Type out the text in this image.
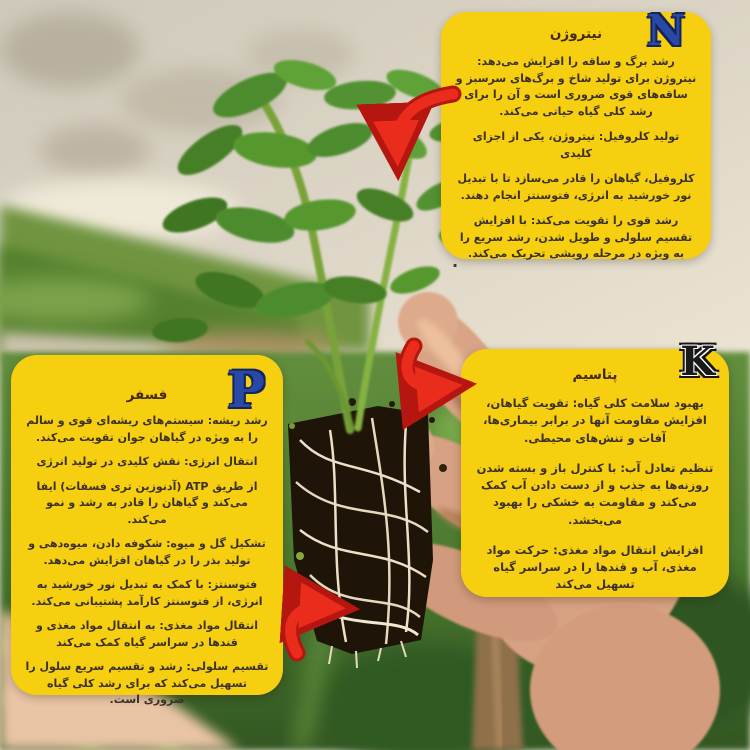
N
نیتروژن

رشد برگ و ساقه را افزایش می‌دهد: نیتروژن برای تولید شاخ و برگ‌های سرسبز و ساقه‌های قوی ضروری است و آن را برای رشد کلی گیاه حیاتی می‌کند.

تولید کلروفیل: نیتروژن، یکی از اجزای کلیدی

کلروفیل، گیاهان را قادر می‌سازد تا با تبدیل نور خورشید به انرژی، فتوسنتز انجام دهند.

رشد قوی را تقویت می‌کند: با افزایش تقسیم سلولی و طویل شدن، رشد سریع را به ویژه در مرحله رویشی تحریک می‌کند.

P
فسفر

رشد ریشه: سیستم‌های ریشه‌ای قوی و سالم را به ویژه در گیاهان جوان تقویت می‌کند.

انتقال انرژی: نقش کلیدی در تولید انرژی

از طریق ATP (آدنوزین تری فسفات) ایفا می‌کند و گیاهان را قادر به رشد و نمو می‌کند.

تشکیل گل و میوه: شکوفه دادن، میوه‌دهی و تولید بذر را در گیاهان افزایش می‌دهد.

فتوسنتز: با کمک به تبدیل نور خورشید به انرژی، از فتوسنتز کارآمد پشتیبانی می‌کند.

انتقال مواد مغذی: به انتقال مواد مغذی و قندها در سراسر گیاه کمک می‌کند

تقسیم سلولی: رشد و تقسیم سریع سلول را تسهیل می‌کند که برای رشد کلی گیاه ضروری است.

K
پتاسیم

بهبود سلامت کلی گیاه: تقویت گیاهان، افزایش مقاومت آنها در برابر بیماری‌ها، آفات و تنش‌های محیطی.

تنظیم تعادل آب: با کنترل باز و بسته شدن روزنه‌ها به جذب و از دست دادن آب کمک می‌کند و مقاومت به خشکی را بهبود می‌بخشد.

افزایش انتقال مواد مغذی: حرکت مواد مغذی، آب و قندها را در سراسر گیاه تسهیل می‌کند

.
